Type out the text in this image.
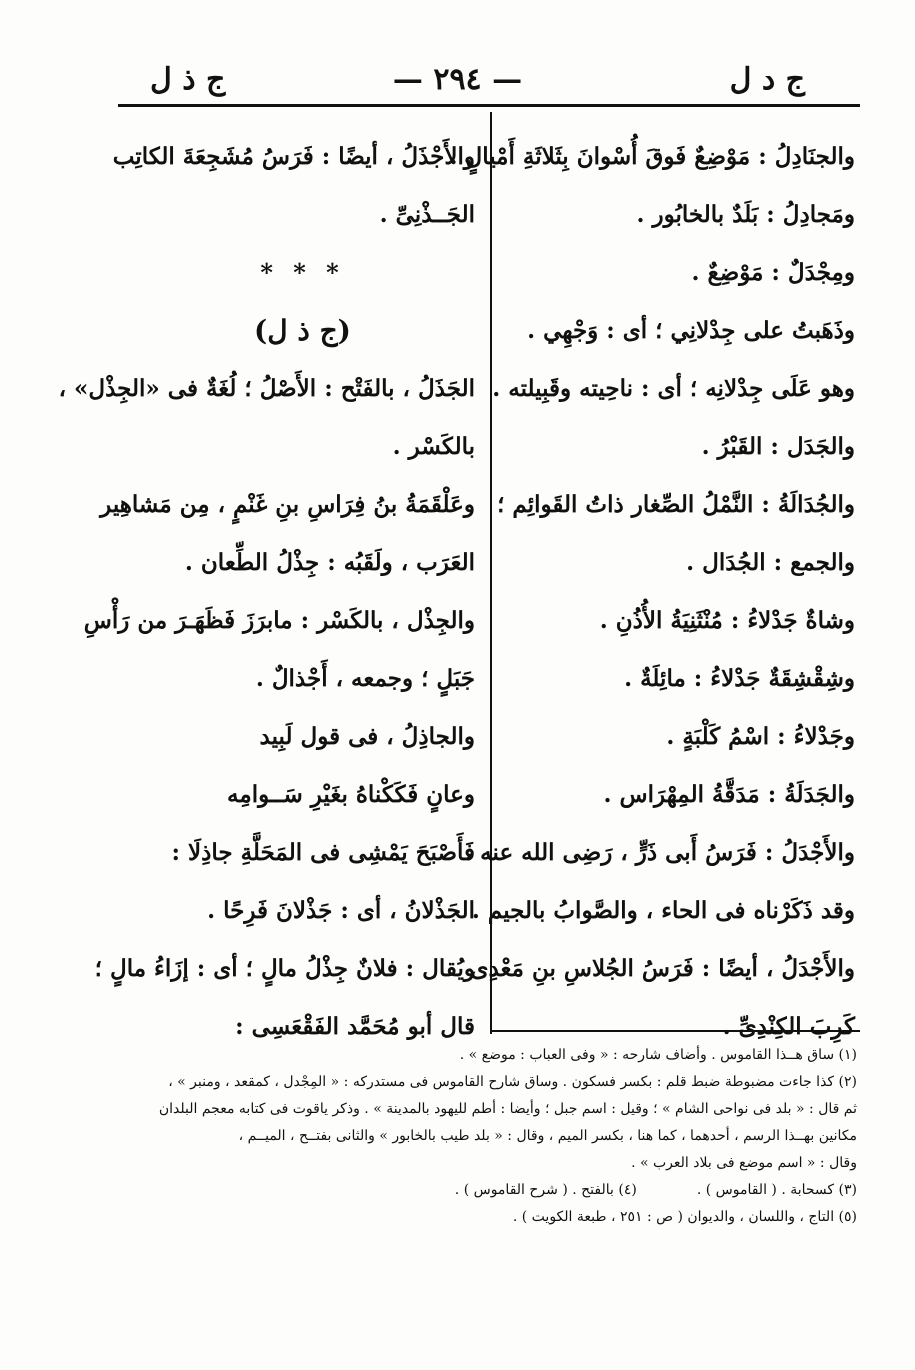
ج د ل
— ٢٩٤ —
ج ذ ل
والجنَادِلُ : مَوْضِعٌ فَوقَ أُسْوانَ بِثَلاثَةِ أَمْيالٍ .
ومَجادِلُ : بَلَدٌ بالخابُور .
ومِجْدَلٌ : مَوْضِعٌ .
وذَهَبتُ على جِدْلانِي ؛ أى : وَجْهِي .
وهو عَلَى جِدْلانِه ؛ أى : ناحِيته وقَبِيلته .
والجَدَل : القَبْرُ .
والجُدَالَةُ : النَّمْلُ الصِّغار ذاتُ القَوائِم ؛
والجمع : الجُدَال .
وشاةٌ جَدْلاءُ : مُنْثَنِيَةُ الأُذُنِ .
وشِقْشِقَةٌ جَدْلاءُ : مائِلَةٌ .
وجَدْلاءُ : اسْمُ كَلْبَةٍ .
والجَدَلَةُ : مَدَقَّةُ المِهْرَاس .
والأَجْدَلُ : فَرَسُ أَبى ذَرٍّ ، رَضِى الله عنه ،
وقد ذَكَرْناه فى الحاء ، والصَّوابُ بالجيم .
والأَجْدَلُ ، أيضًا : فَرَسُ الجُلاسِ بنِ مَعْدِى
كَرِبَ الكِنْدِىِّ .
والأَجْذَلُ ، أيضًا : فَرَسُ مُشَجِعَةَ الكاتِب
الجَــذْنِىِّ .
* * *
(ج ذ ل)
الجَذَلُ ، بالفَتْح : الأَصْلُ ؛ لُغَةٌ فى «الجِذْل» ،
بالكَسْر .
وعَلْقَمَةُ بنُ فِرَاسِ بنِ غَنْمٍ ، مِن مَشاهِير
العَرَب ، ولَقَبُه : جِذْلُ الطِّعان .
والجِذْل ، بالكَسْر : مابرَزَ فَظَهَـرَ من رَأْسِ
جَبَلٍ ؛ وجمعه ، أَجْذالٌ .
والجاذِلُ ، فى قول لَبِيد
وعانٍ فَكَكْناهُ بغَيْرِ سَــوامِه
فَأَصْبَحَ يَمْشِى فى المَحَلَّةِ جاذِلَا :
الجَذْلانُ ، أى : جَذْلانَ فَرِحًا .
ويُقال : فلانٌ جِذْلُ مالٍ ؛ أى : إزَاءُ مالٍ ؛
قال أبو مُحَمَّد الفَقْعَسِى :
(١) ساق هــذا القاموس . وأضاف شارحه : « وفى العباب : موضع » .
(٢) كذا جاءت مضبوطة ضبط قلم : بكسر فسكون . وساق شارح القاموس فى مستدركه : « المِجْدل ، كمقعد ، ومنبر » ،
ثم قال : « بلد فى نواحى الشام » ؛ وقيل : اسم جبل ؛ وأيضا : أطم لليهود بالمدينة » . وذكر ياقوت فى كتابه معجم البلدان
مكانين بهــذا الرسم ، أحدهما ، كما هنا ، بكسر الميم ، وقال : « بلد طيب بالخابور » والثانى بفتــح ، الميــم ،
وقال : « اسم موضع فى بلاد العرب » .
(٣) كسحابة . ( القاموس ) .
(٤) بالفتح . ( شرح القاموس ) .
(٥) التاج ، واللسان ، والديوان ( ص : ٢٥١ ، طبعة الكويت ) .
